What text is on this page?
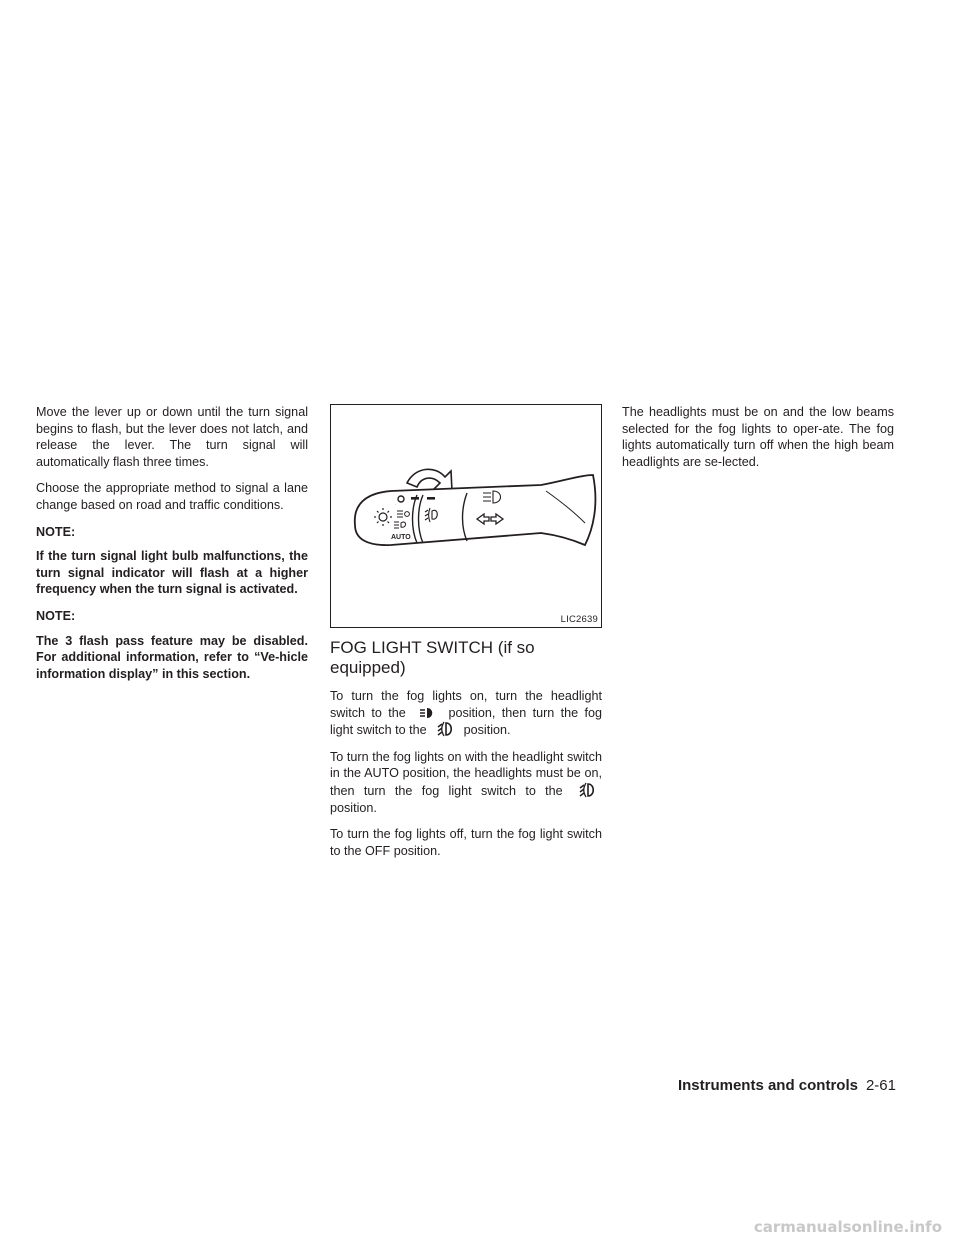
Move the lever up or down until the turn signal begins to flash, but the lever does not latch, and release the lever. The turn signal will automatically flash three times.

Choose the appropriate method to signal a lane change based on road and traffic conditions.

NOTE:

If the turn signal light bulb malfunctions, the turn signal indicator will flash at a higher frequency when the turn signal is activated.

NOTE:

The 3 flash pass feature may be disabled. For additional information, refer to “Ve-hicle information display” in this section.

O
AUTO
LIC2639
FOG LIGHT SWITCH (if so equipped)

To turn the fog lights on, turn the headlight switch to the	position, then turn the fog light switch to the	position.

To turn the fog lights on with the headlight switch in the AUTO position, the headlights must be on, then turn the fog light switch to the  position.

To turn the fog lights off, turn the fog light switch to the OFF position.

The headlights must be on and the low beams selected for the fog lights to oper-ate. The fog lights automatically turn off when the high beam headlights are se-lected.

Instruments and controls 2-61
carmanualsonline.info
